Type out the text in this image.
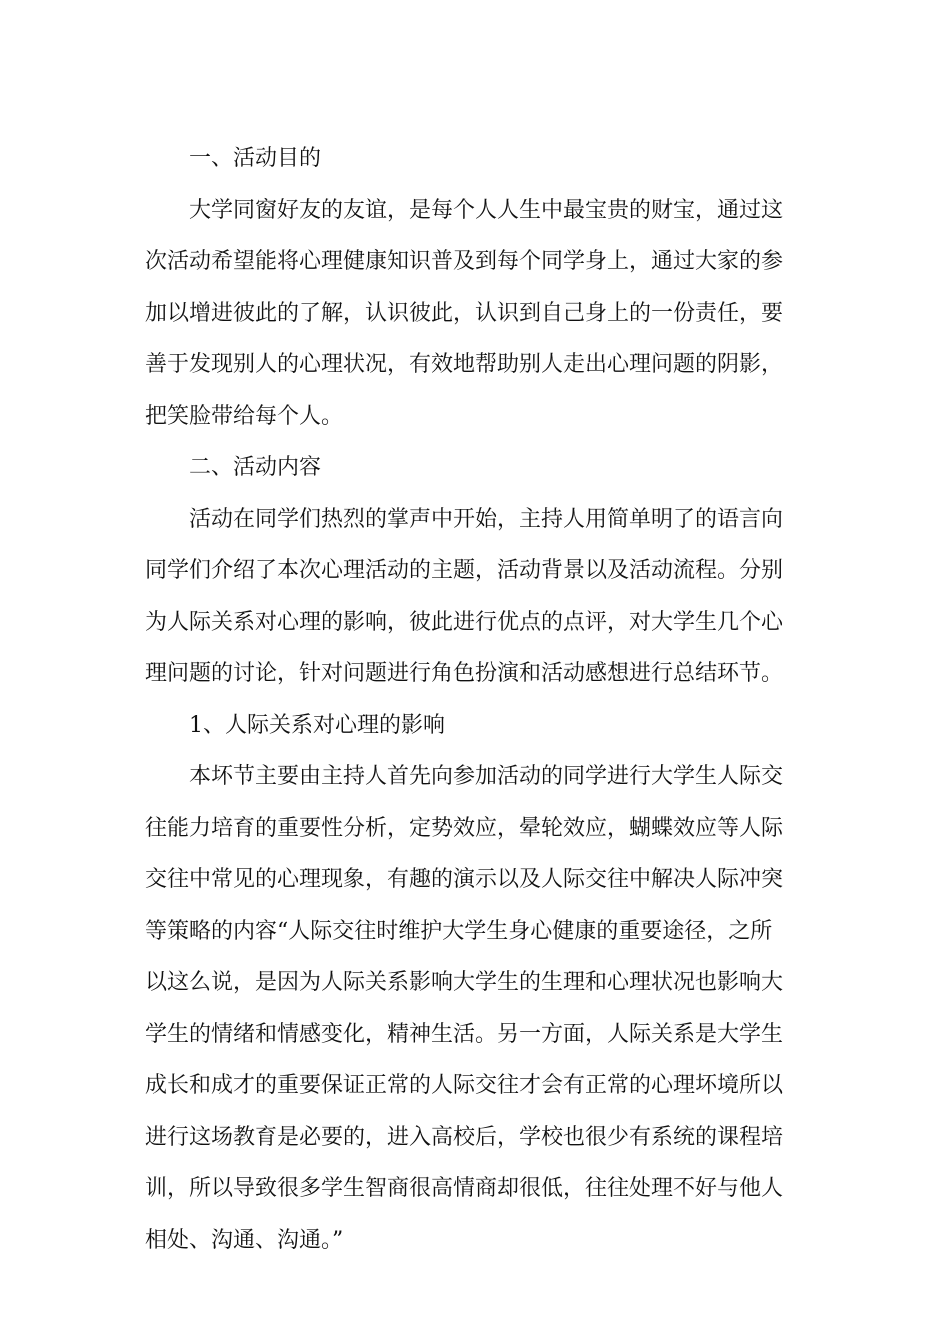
一、活动目的
大学同窗好友的友谊，是每个人人生中最宝贵的财宝，通过这
次活动希望能将心理健康知识普及到每个同学身上，通过大家的参
加以增进彼此的了解，认识彼此，认识到自己身上的一份责任，要
善于发现别人的心理状况，有效地帮助别人走出心理问题的阴影，
把笑脸带给每个人。
二、活动内容
活动在同学们热烈的掌声中开始，主持人用简单明了的语言向
同学们介绍了本次心理活动的主题，活动背景以及活动流程。分别
为人际关系对心理的影响，彼此进行优点的点评，对大学生几个心
理问题的讨论，针对问题进行角色扮演和活动感想进行总结环节。
1、人际关系对心理的影响
本坏节主要由主持人首先向参加活动的同学进行大学生人际交
往能力培育的重要性分析，定势效应，晕轮效应，蝴蝶效应等人际
交往中常见的心理现象，有趣的演示以及人际交往中解决人际冲突
等策略的内容“人际交往时维护大学生身心健康的重要途径，之所
以这么说，是因为人际关系影响大学生的生理和心理状况也影响大
学生的情绪和情感变化，精神生活。另一方面，人际关系是大学生
成长和成才的重要保证正常的人际交往才会有正常的心理坏境所以
进行这场教育是必要的，进入高校后，学校也很少有系统的课程培
训，所以导致很多学生智商很高情商却很低，往往处理不好与他人
相处、沟通、沟通。”
